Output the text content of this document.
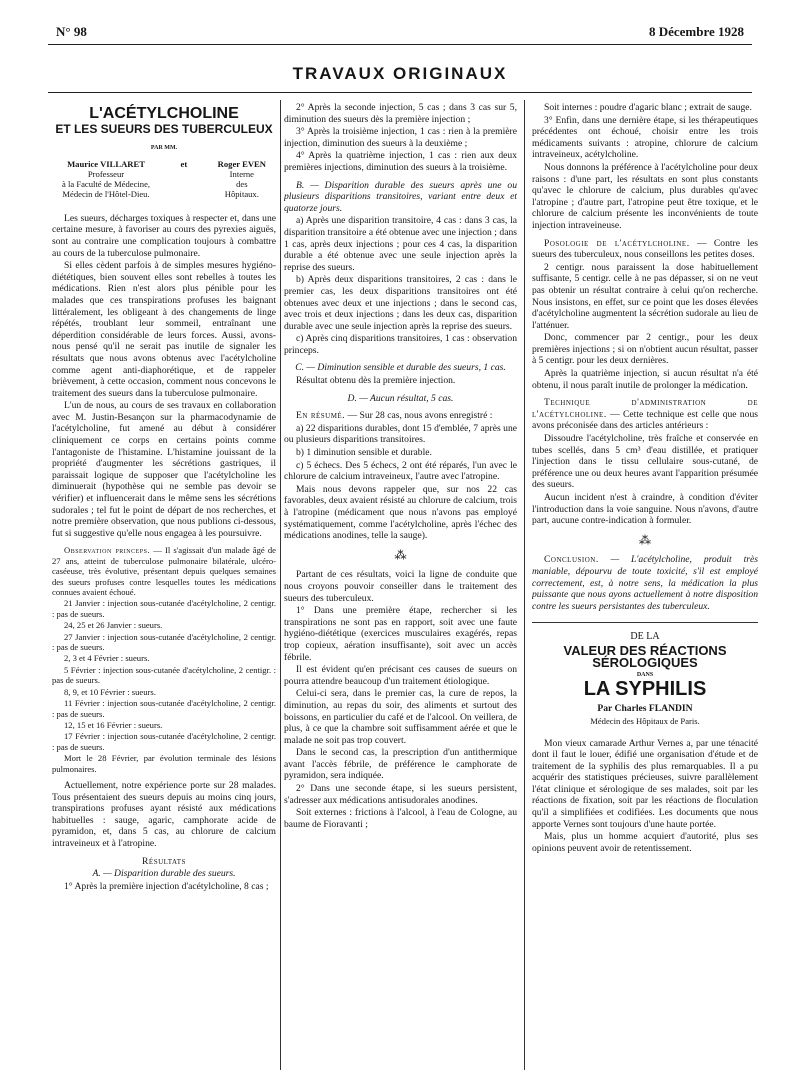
N° 98	8 Décembre 1928
TRAVAUX ORIGINAUX
L'ACÉTYLCHOLINE
ET LES SUEURS DES TUBERCULEUX
PAR MM.
Maurice VILLARET
Professeur
à la Faculté de Médecine,
Médecin de l'Hôtel-Dieu.
et	Roger EVEN
Interne
des
Hôpitaux.

Les sueurs, décharges toxiques à respecter et, dans une certaine mesure, à favoriser au cours des pyrexies aiguës, sont au contraire une complication toujours à combattre au cours de la tuberculose pulmonaire.

Si elles cèdent parfois à de simples mesures hygiéno-diététiques, bien souvent elles sont rebelles à toutes les médications. Rien n'est alors plus pénible pour les malades que ces transpirations profuses les baignant littéralement, les obligeant à des changements de linge répétés, troublant leur sommeil, entraînant une déperdition considérable de leurs forces. Aussi, avons-nous pensé qu'il ne serait pas inutile de signaler les résultats que nous avons obtenus avec l'acétylcholine comme agent anti-diaphorétique, et de rappeler brièvement, à cette occasion, comment nous concevons le traitement des sueurs dans la tuberculose pulmonaire.

L'un de nous, au cours de ses travaux en collaboration avec M. Justin-Besançon sur la pharmacodynamie de l'acétylcholine, fut amené au début à considérer cliniquement ce corps en certains points comme l'antagoniste de l'histamine. L'histamine jouissant de la propriété d'augmenter les sécrétions gastriques, il paraissait logique de supposer que l'acétylcholine les diminuerait (hypothèse qui ne semble pas devoir se vérifier) et influencerait dans le même sens les sécrétions sudorales ; tel fut le point de départ de nos recherches, et notre première observation, que nous publions ci-dessous, fut si suggestive qu'elle nous engagea à les poursuivre.

Observation princeps. — Il s'agissait d'un malade âgé de 27 ans, atteint de tuberculose pulmonaire bilatérale, ulcéro-caséeuse, très évolutive, présentant depuis quelques semaines des sueurs profuses contre lesquelles toutes les médications connues avaient échoué.

21 Janvier : injection sous-cutanée d'acétylcholine, 2 centigr. : pas de sueurs.

24, 25 et 26 Janvier : sueurs.

27 Janvier : injection sous-cutanée d'acétylcholine, 2 centigr. : pas de sueurs.

2, 3 et 4 Février : sueurs.

5 Février : injection sous-cutanée d'acétylcholine, 2 centigr. : pas de sueurs.

8, 9, et 10 Février : sueurs.

11 Février : injection sous-cutanée d'acétylcholine, 2 centigr. : pas de sueurs.

12, 15 et 16 Février : sueurs.

17 Février : injection sous-cutanée d'acétylcholine, 2 centigr. : pas de sueurs.

Mort le 28 Février, par évolution terminale des lésions pulmonaires.

Actuellement, notre expérience porte sur 28 malades. Tous présentaient des sueurs depuis au moins cinq jours, transpirations profuses ayant résisté aux médications habituelles : sauge, agaric, camphorate acide de pyramidon, et, dans 5 cas, au chlorure de calcium intraveineux et à l'atropine.

Résultats

A. — Disparition durable des sueurs.

1° Après la première injection d'acétylcholine, 8 cas ;

2° Après la seconde injection, 5 cas ; dans 3 cas sur 5, diminution des sueurs dès la première injection ;

3° Après la troisième injection, 1 cas : rien à la première injection, diminution des sueurs à la deuxième ;

4° Après la quatrième injection, 1 cas : rien aux deux premières injections, diminution des sueurs à la troisième.

B. — Disparition durable des sueurs après une ou plusieurs disparitions transitoires, variant entre deux et quatorze jours.

a) Après une disparition transitoire, 4 cas : dans 3 cas, la disparition transitoire a été obtenue avec une injection ; dans 1 cas, après deux injections ; pour ces 4 cas, la disparition durable a été obtenue avec une seule injection après la reprise des sueurs.

b) Après deux disparitions transitoires, 2 cas : dans le premier cas, les deux disparitions transitoires ont été obtenues avec deux et une injections ; dans le second cas, avec trois et deux injections ; dans les deux cas, disparition durable avec une seule injection après la reprise des sueurs.

c) Après cinq disparitions transitoires, 1 cas : observation princeps.

C. — Diminution sensible et durable des sueurs, 1 cas.

Résultat obtenu dès la première injection.

D. — Aucun résultat, 5 cas.

En résumé. — Sur 28 cas, nous avons enregistré :

a) 22 disparitions durables, dont 15 d'emblée, 7 après une ou plusieurs disparitions transitoires.

b) 1 diminution sensible et durable.

c) 5 échecs. Des 5 échecs, 2 ont été réparés, l'un avec le chlorure de calcium intraveineux, l'autre avec l'atropine.

Mais nous devons rappeler que, sur nos 22 cas favorables, deux avaient résisté au chlorure de calcium, trois à l'atropine (médicament que nous n'avons pas employé systématiquement, comme l'acétylcholine, après l'échec des médications anodines, telle la sauge).

⁂

Partant de ces résultats, voici la ligne de conduite que nous croyons pouvoir conseiller dans le traitement des sueurs des tuberculeux.

1° Dans une première étape, rechercher si les transpirations ne sont pas en rapport, soit avec une faute hygiéno-diététique (exercices musculaires exagérés, repas trop copieux, aération insuffisante), soit avec un accès fébrile.

Il est évident qu'en précisant ces causes de sueurs on pourra attendre beaucoup d'un traitement étiologique.

Celui-ci sera, dans le premier cas, la cure de repos, la diminution, au repas du soir, des aliments et surtout des boissons, en particulier du café et de l'alcool. On veillera, de plus, à ce que la chambre soit suffisamment aérée et que le malade ne soit pas trop couvert.

Dans le second cas, la prescription d'un antithermique avant l'accès fébrile, de préférence le camphorate de pyramidon, sera indiquée.

2° Dans une seconde étape, si les sueurs persistent, s'adresser aux médications antisudorales anodines.

Soit externes : frictions à l'alcool, à l'eau de Cologne, au baume de Fioravanti ;

Soit internes : poudre d'agaric blanc ; extrait de sauge.

3° Enfin, dans une dernière étape, si les thérapeutiques précédentes ont échoué, choisir entre les trois médicaments suivants : atropine, chlorure de calcium intraveineux, acétylcholine.

Nous donnons la préférence à l'acétylcholine pour deux raisons : d'une part, les résultats en sont plus constants qu'avec le chlorure de calcium, plus durables qu'avec l'atropine ; d'autre part, l'atropine peut être toxique, et le chlorure de calcium présente les inconvénients de toute injection intraveineuse.

Posologie de l'acétylcholine. — Contre les sueurs des tuberculeux, nous conseillons les petites doses.

2 centigr. nous paraissent la dose habituellement suffisante, 5 centigr. celle à ne pas dépasser, si on ne veut pas obtenir un résultat contraire à celui qu'on recherche. Nous insistons, en effet, sur ce point que les doses élevées d'acétylcholine augmentent la sécrétion sudorale au lieu de l'atténuer.

Donc, commencer par 2 centigr., pour les deux premières injections ; si on n'obtient aucun résultat, passer à 5 centigr. pour les deux dernières.

Après la quatrième injection, si aucun résultat n'a été obtenu, il nous paraît inutile de prolonger la médication.

Technique d'administration de l'acétylcholine. — Cette technique est celle que nous avons préconisée dans des articles antérieurs :

Dissoudre l'acétylcholine, très fraîche et conservée en tubes scellés, dans 5 cm³ d'eau distillée, et pratiquer l'injection dans le tissu cellulaire sous-cutané, de préférence une ou deux heures avant l'apparition présumée des sueurs.

Aucun incident n'est à craindre, à condition d'éviter l'introduction dans la voie sanguine. Nous n'avons, d'autre part, aucune contre-indication à formuler.

⁂

Conclusion. — L'acétylcholine, produit très maniable, dépourvu de toute toxicité, s'il est employé correctement, est, à notre sens, la médication la plus puissante que nous ayons actuellement à notre disposition contre les sueurs persistantes des tuberculeux.

DE LA

VALEUR DES RÉACTIONS SÉROLOGIQUES

DANS

LA SYPHILIS

Par Charles FLANDIN

Médecin des Hôpitaux de Paris.

Mon vieux camarade Arthur Vernes a, par une ténacité dont il faut le louer, édifié une organisation d'étude et de traitement de la syphilis des plus remarquables. Il a pu acquérir des statistiques précieuses, suivre parallèlement l'état clinique et sérologique de ses malades, soit par les réactions de fixation, soit par les réactions de floculation qu'il a simplifiées et codifiées. Les documents que nous apporte Vernes sont toujours d'une haute portée.

Mais, plus un homme acquiert d'autorité, plus ses opinions peuvent avoir de retentissement.
